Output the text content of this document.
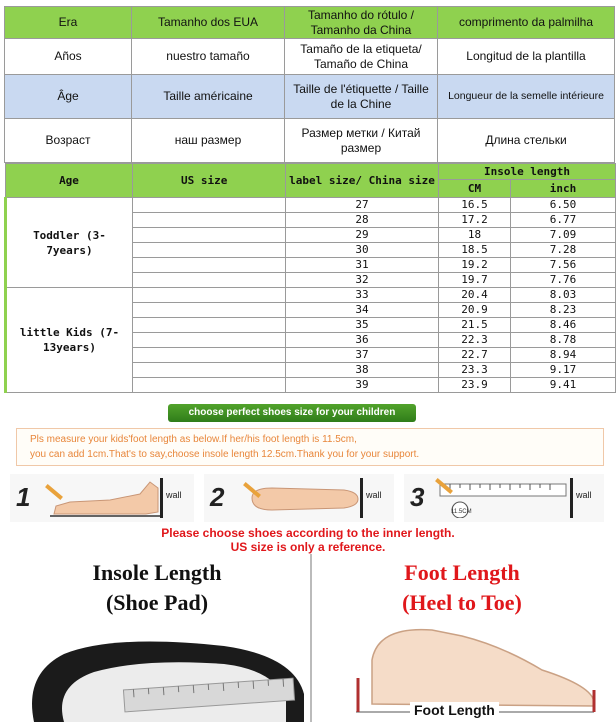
Era	Tamanho dos EUA	Tamanho do rótulo / Tamanho da China	comprimento da palmilha
Años	nuestro tamaño	Tamaño de la etiqueta/ Tamaño de China	Longitud de la plantilla
Âge	Taille américaine	Taille de l'étiquette / Taille de la Chine	Longueur de la semelle intérieure
Возраст	наш размер	Размер метки / Китай размер	Длина стельки
Age	US size	label size/ China size	Insole length	
			CM	inch
Toddler (3-7years)		27	16.5	6.50
		28	17.2	6.77
		29	18	7.09
		30	18.5	7.28
		31	19.2	7.56
		32	19.7	7.76
little Kids (7-13years)		33	20.4	8.03
		34	20.9	8.23
		35	21.5	8.46
		36	22.3	8.78
		37	22.7	8.94
		38	23.3	9.17
		39	23.9	9.41
choose perfect shoes size for your children
Pls measure your kids'foot length as below.If her/his foot length is 11.5cm,
you can add 1cm.That's to say,choose insole length 12.5cm.Thank you for your support.
1	wall 2	wall 3	11.5CM
wall
Please choose shoes according to the inner length.
US size is only a reference.
Insole Length
(Shoe Pad)
Foot Length
(Heel to Toe)
Foot Length
